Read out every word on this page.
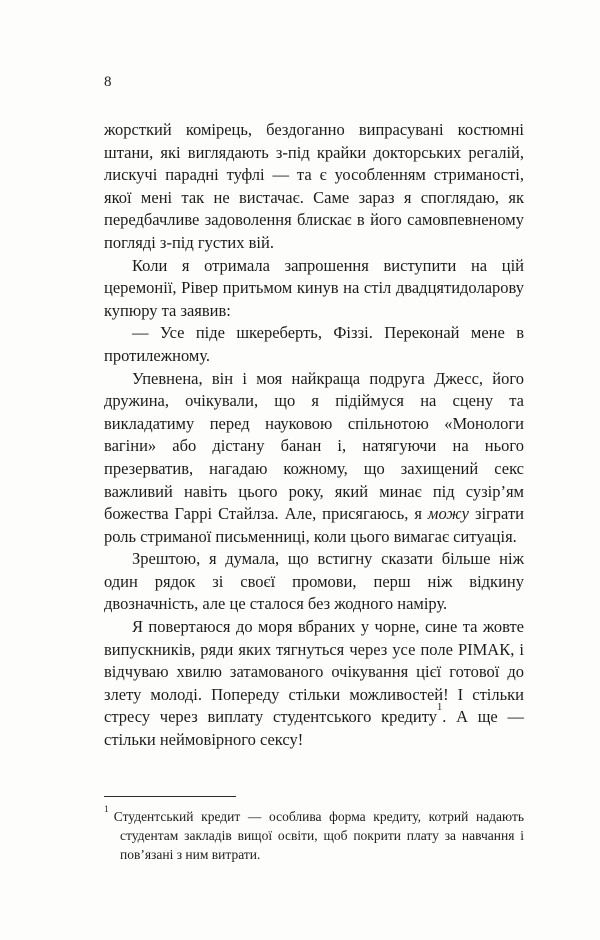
8

жорсткий комірець, бездоганно випрасувані костюмні штани, які виглядають з-під крайки докторських регалій, лискучі парадні туфлі — та є уособленням стриманості, якої мені так не вистачає. Саме зараз я споглядаю, як передбачливе задоволення блискає в його самовпевненому погляді з-під густих вій.

Коли я отримала запрошення виступити на цій церемонії, Рівер притьмом кинув на стіл двадцятидоларову купюру та заявив:

— Усе піде шкереберть, Фіззі. Переконай мене в протилежному.

Упевнена, він і моя найкраща подруга Джесс, його дружина, очікували, що я підіймуся на сцену та викладатиму перед науковою спільнотою «Монологи вагіни» або дістану банан і, натягуючи на нього презерватив, нагадаю кожному, що захищений секс важливий навіть цього року, який минає під сузір’ям божества Гаррі Стайлза. Але, присягаюсь, я можу зіграти роль стриманої письменниці, коли цього вимагає ситуація.

Зрештою, я думала, що встигну сказати більше ніж один рядок зі своєї промови, перш ніж відкину двозначність, але це сталося без жодного наміру.

Я повертаюся до моря вбраних у чорне, сине та жовте випускників, ряди яких тягнуться через усе поле РІМАК, і відчуваю хвилю затамованого очікування цієї готової до злету молоді. Попереду стільки можливостей! І стільки стресу через виплату студентського кредиту$^1$. А ще — стільки неймовірного сексу!

$^1$ Студентський кредит — особлива форма кредиту, котрий надають студентам закладів вищої освіти, щоб покрити плату за навчання і пов’язані з ним витрати.
